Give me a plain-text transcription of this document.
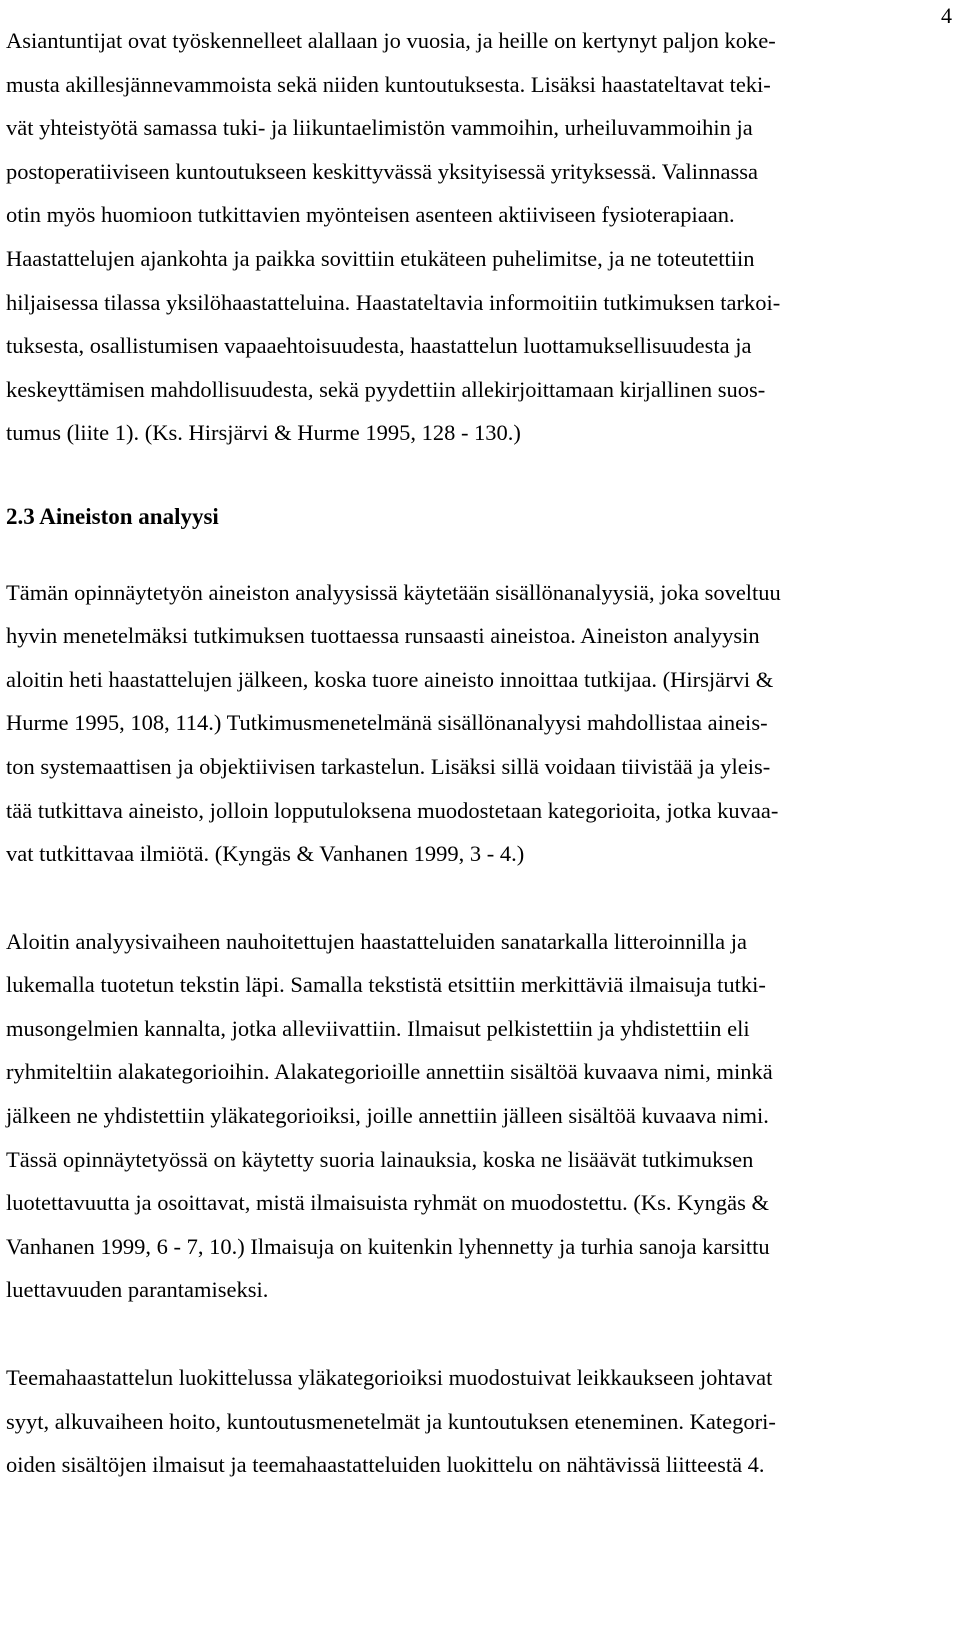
4

Asiantuntijat ovat työskennelleet alallaan jo vuosia, ja heille on kertynyt paljon koke-
musta akillesjännevammoista sekä niiden kuntoutuksesta. Lisäksi haastateltavat teki-
vät yhteistyötä samassa tuki- ja liikuntaelimistön vammoihin, urheiluvammoihin ja
postoperatiiviseen kuntoutukseen keskittyvässä yksityisessä yrityksessä. Valinnassa
otin myös huomioon tutkittavien myönteisen asenteen aktiiviseen fysioterapiaan.
Haastattelujen ajankohta ja paikka sovittiin etukäteen puhelimitse, ja ne toteutettiin
hiljaisessa tilassa yksilöhaastatteluina. Haastateltavia informoitiin tutkimuksen tarkoi-
tuksesta, osallistumisen vapaaehtoisuudesta, haastattelun luottamuksellisuudesta ja
keskeyttämisen mahdollisuudesta, sekä pyydettiin allekirjoittamaan kirjallinen suos-
tumus (liite 1). (Ks. Hirsjärvi & Hurme 1995, 128 - 130.)

2.3 Aineiston analyysi

Tämän opinnäytetyön aineiston analyysissä käytetään sisällönanalyysiä, joka soveltuu
hyvin menetelmäksi tutkimuksen tuottaessa runsaasti aineistoa. Aineiston analyysin
aloitin heti haastattelujen jälkeen, koska tuore aineisto innoittaa tutkijaa. (Hirsjärvi &
Hurme 1995, 108, 114.) Tutkimusmenetelmänä sisällönanalyysi mahdollistaa aineis-
ton systemaattisen ja objektiivisen tarkastelun. Lisäksi sillä voidaan tiivistää ja yleis-
tää tutkittava aineisto, jolloin lopputuloksena muodostetaan kategorioita, jotka kuvaa-
vat tutkittavaa ilmiötä. (Kyngäs & Vanhanen 1999, 3 - 4.)

Aloitin analyysivaiheen nauhoitettujen haastatteluiden sanatarkalla litteroinnilla ja
lukemalla tuotetun tekstin läpi. Samalla tekstistä etsittiin merkittäviä ilmaisuja tutki-
musongelmien kannalta, jotka alleviivattiin. Ilmaisut pelkistettiin ja yhdistettiin eli
ryhmiteltiin alakategorioihin. Alakategorioille annettiin sisältöä kuvaava nimi, minkä
jälkeen ne yhdistettiin yläkategorioiksi, joille annettiin jälleen sisältöä kuvaava nimi.
Tässä opinnäytetyössä on käytetty suoria lainauksia, koska ne lisäävät tutkimuksen
luotettavuutta ja osoittavat, mistä ilmaisuista ryhmät on muodostettu. (Ks. Kyngäs &
Vanhanen 1999, 6 - 7, 10.) Ilmaisuja on kuitenkin lyhennetty ja turhia sanoja karsittu
luettavuuden parantamiseksi.

Teemahaastattelun luokittelussa yläkategorioiksi muodostuivat leikkaukseen johtavat
syyt, alkuvaiheen hoito, kuntoutusmenetelmät ja kuntoutuksen eteneminen. Kategori-
oiden sisältöjen ilmaisut ja teemahaastatteluiden luokittelu on nähtävissä liitteestä 4.
